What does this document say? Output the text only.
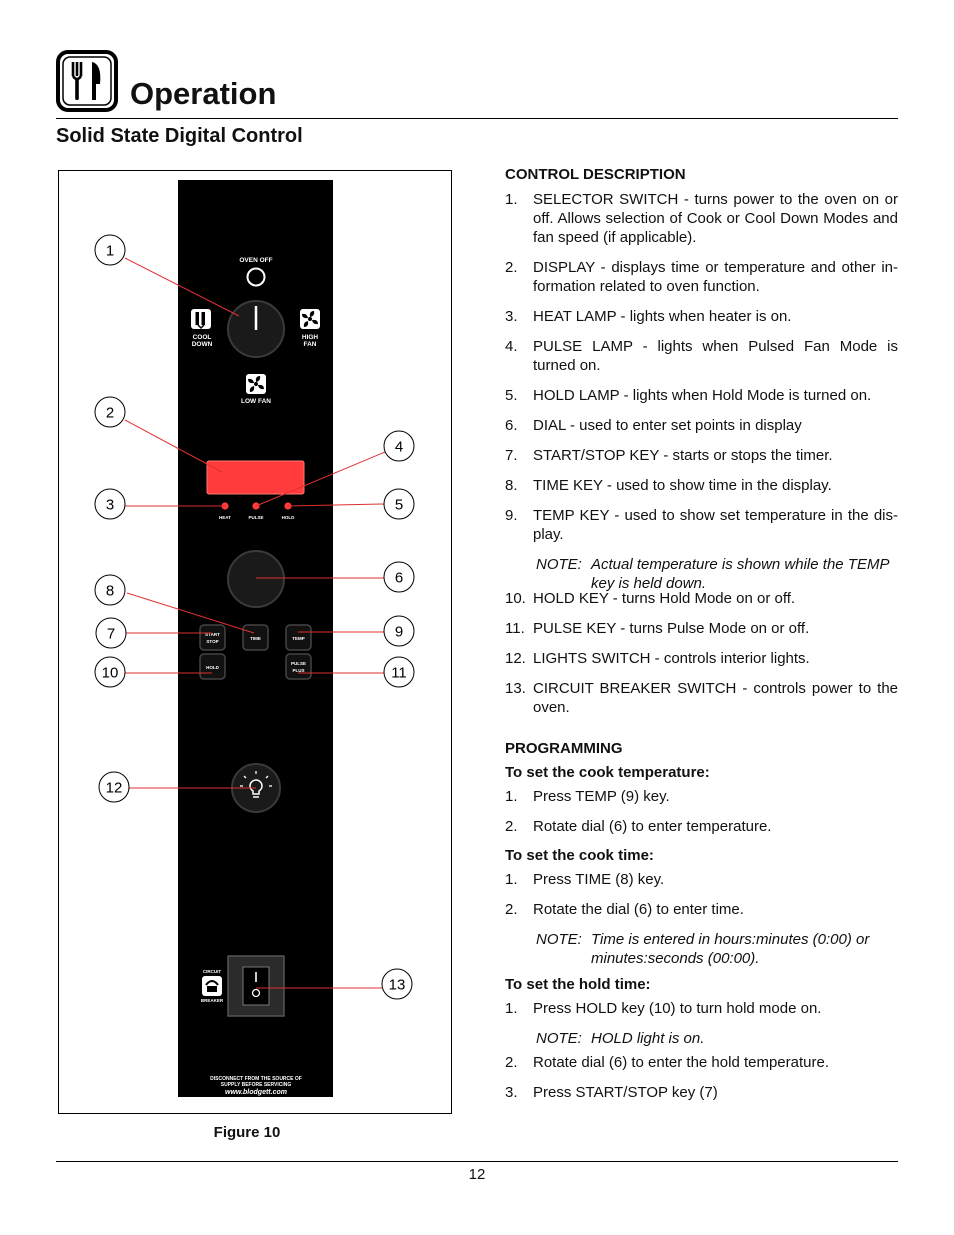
Operation
Solid State Digital Control
OVEN OFF
COOL
DOWN
HIGH
FAN
LOW FAN
HEAT	PULSE	HOLD
START
STOP
TIME	TEMP
HOLD
PULSE
PLUS
CIRCUIT
BREAKER
DISCONNECT FROM THE SOURCE OF
SUPPLY BEFORE SERVICING
www.blodgett.com
1
2
3
4
5
6
7
8
9
10	11
12
13
Figure 10

CONTROL DESCRIPTION

1.	SELECTOR SWITCH - turns power to the oven on or off. Allows selection of Cook or Cool Down Modes and fan speed (if applicable).
2.	DISPLAY - displays time or temperature and other in-formation related to oven function.
3.	HEAT LAMP - lights when heater is on.
4.	PULSE LAMP - lights when Pulsed Fan Mode is turned on.
5.	HOLD LAMP - lights when Hold Mode is turned on.
6.	DIAL - used to enter set points in display
7.	START/STOP KEY - starts or stops the timer.
8.	TIME KEY - used to show time in the display.
9.	TEMP KEY - used to show set temperature in the dis-play.
NOTE: Actual temperature is shown while the TEMP key is held down.
10. HOLD KEY - turns Hold Mode on or off.
11. PULSE KEY - turns Pulse Mode on or off.
12. LIGHTS SWITCH - controls interior lights.
13. CIRCUIT BREAKER SWITCH - controls power to the oven.

PROGRAMMING

To set the cook temperature:

1.	Press TEMP (9) key.
2.	Rotate dial (6) to enter temperature.

To set the cook time:

1.	Press TIME (8) key.
2.	Rotate the dial (6) to enter time.
NOTE: Time is entered in hours:minutes (0:00) or minutes:seconds (00:00).

To set the hold time:

1.	Press HOLD key (10) to turn hold mode on.
NOTE: HOLD light is on.
2.	Rotate dial (6) to enter the hold temperature.
3.	Press START/STOP key (7)
12
